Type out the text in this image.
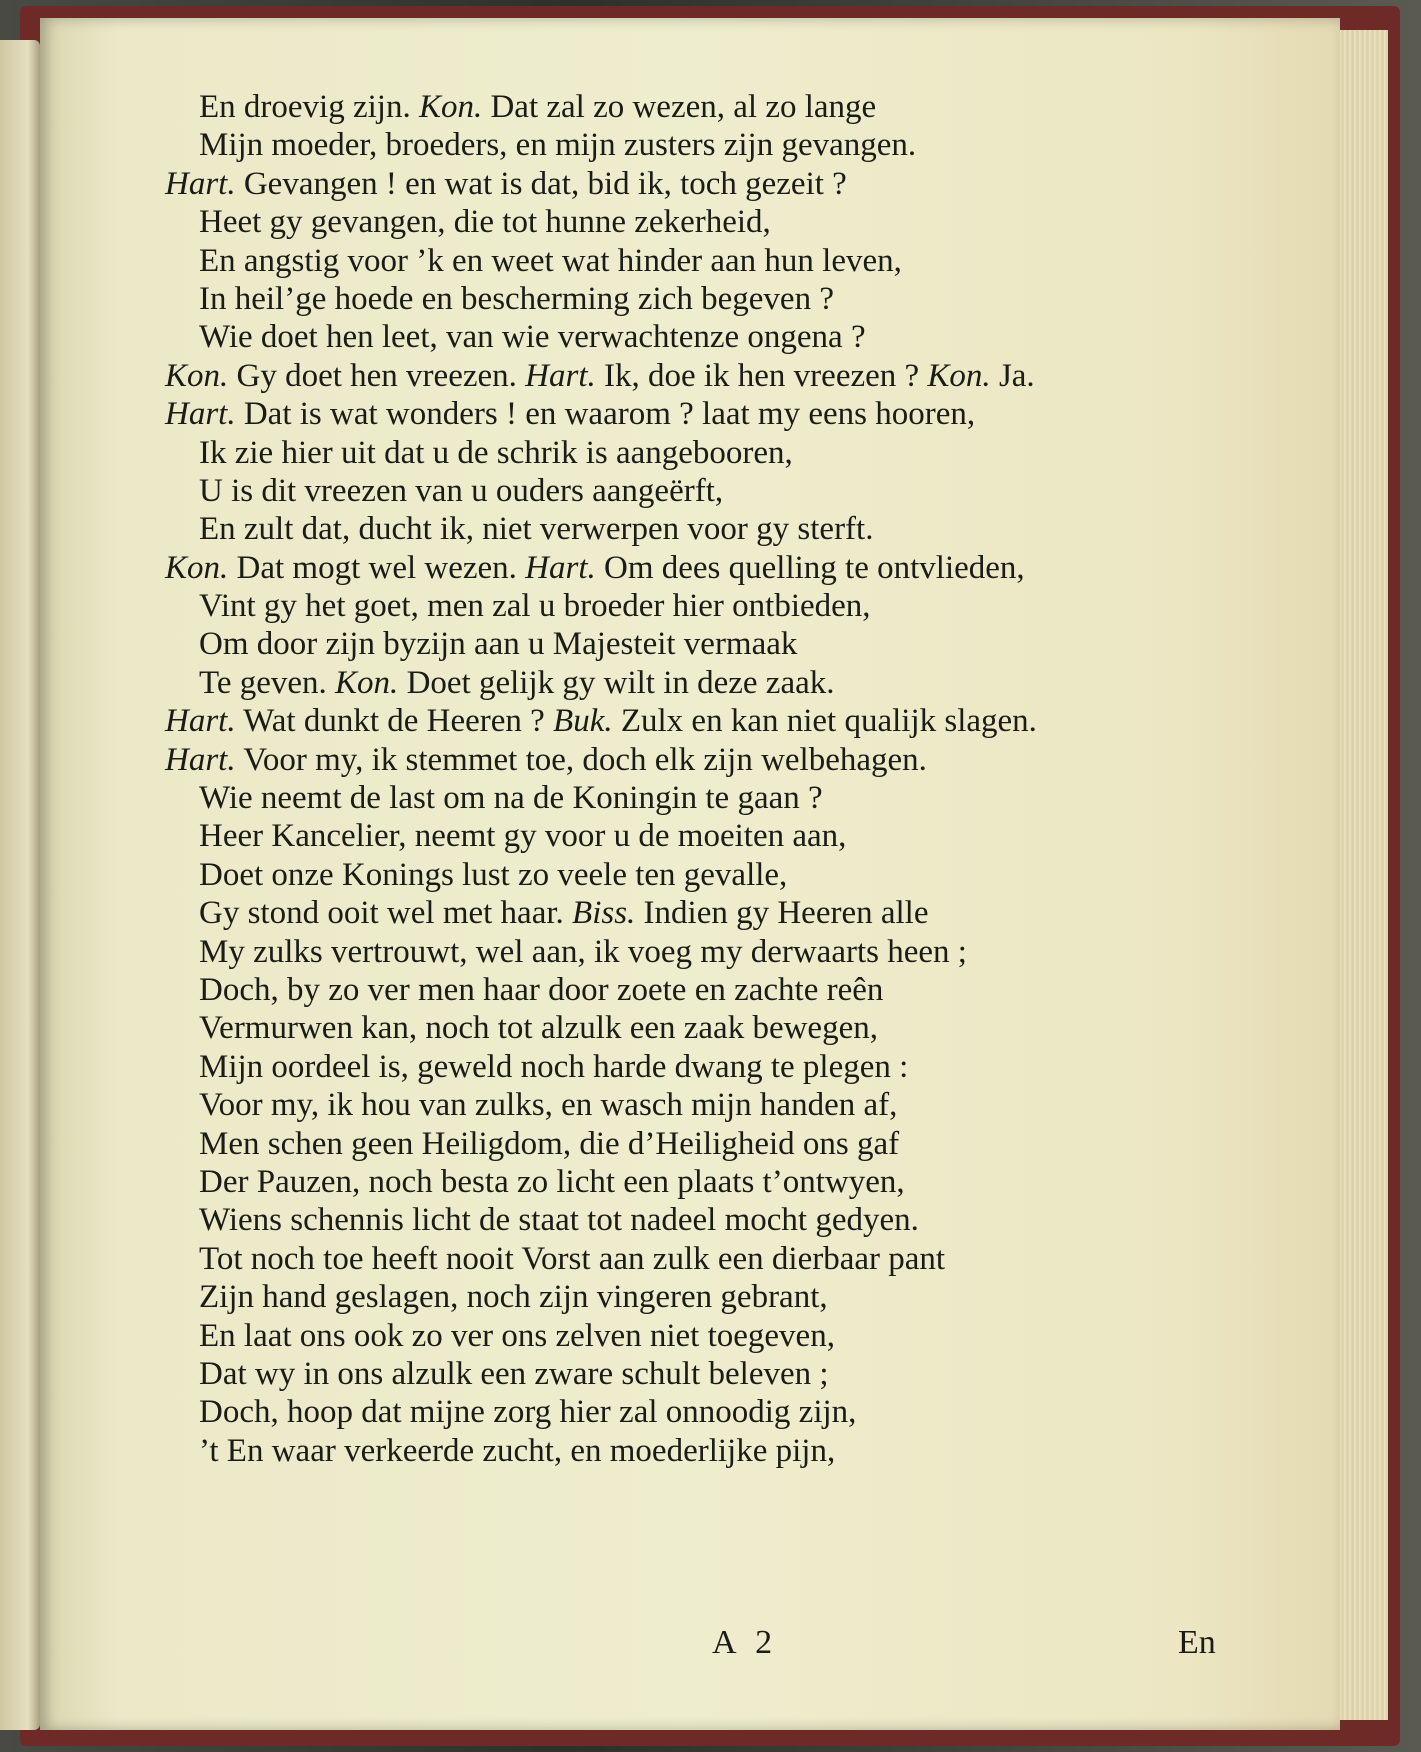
En droevig zijn. Kon. Dat zal zo wezen, al zo lange
Mijn moeder, broeders, en mijn zusters zijn gevangen.
Hart. Gevangen ! en wat is dat, bid ik, toch gezeit ?
Heet gy gevangen, die tot hunne zekerheid,
En angstig voor ’k en weet wat hinder aan hun leven,
In heil’ge hoede en bescherming zich begeven ?
Wie doet hen leet, van wie verwachtenze ongena ?
Kon. Gy doet hen vreezen. Hart. Ik, doe ik hen vreezen ? Kon. Ja.
Hart. Dat is wat wonders ! en waarom ? laat my eens hooren,
Ik zie hier uit dat u de schrik is aangebooren,
U is dit vreezen van u ouders aangeërft,
En zult dat, ducht ik, niet verwerpen voor gy sterft.
Kon. Dat mogt wel wezen. Hart. Om dees quelling te ontvlieden,
Vint gy het goet, men zal u broeder hier ontbieden,
Om door zijn byzijn aan u Majesteit vermaak
Te geven. Kon. Doet gelijk gy wilt in deze zaak.
Hart. Wat dunkt de Heeren ? Buk. Zulx en kan niet qualijk slagen.
Hart. Voor my, ik stemmet toe, doch elk zijn welbehagen.
Wie neemt de last om na de Koningin te gaan ?
Heer Kancelier, neemt gy voor u de moeiten aan,
Doet onze Konings lust zo veele ten gevalle,
Gy stond ooit wel met haar. Biss. Indien gy Heeren alle
My zulks vertrouwt, wel aan, ik voeg my derwaarts heen ;
Doch, by zo ver men haar door zoete en zachte reên
Vermurwen kan, noch tot alzulk een zaak bewegen,
Mijn oordeel is, geweld noch harde dwang te plegen :
Voor my, ik hou van zulks, en wasch mijn handen af,
Men schen geen Heiligdom, die d’Heiligheid ons gaf
Der Pauzen, noch besta zo licht een plaats t’ontwyen,
Wiens schennis licht de staat tot nadeel mocht gedyen.
Tot noch toe heeft nooit Vorst aan zulk een dierbaar pant
Zijn hand geslagen, noch zijn vingeren gebrant,
En laat ons ook zo ver ons zelven niet toegeven,
Dat wy in ons alzulk een zware schult beleven ;
Doch, hoop dat mijne zorg hier zal onnoodig zijn,
’t En waar verkeerde zucht, en moederlijke pijn,
A 2	En
